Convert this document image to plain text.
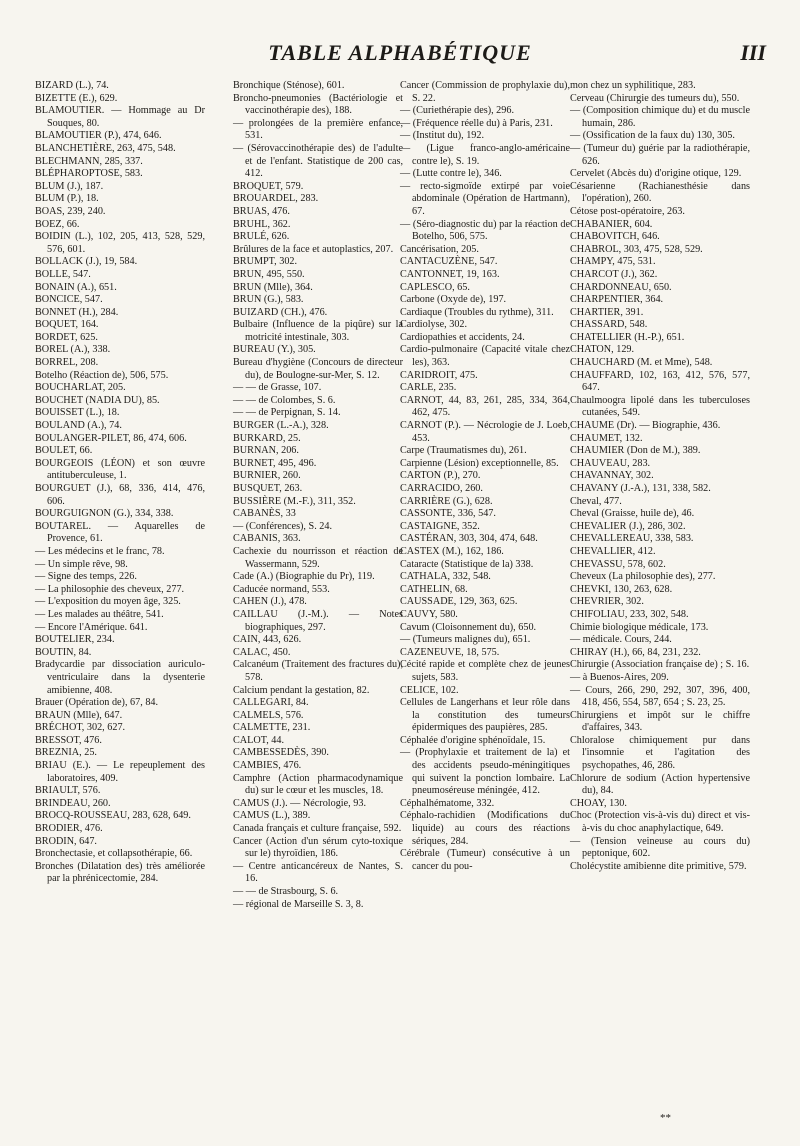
TABLE ALPHABÉTIQUE	III

BIZARD (L.), 74.

BIZETTE (E.), 629.

BLAMOUTIER. — Hommage au Dr Souques, 80.

BLAMOUTIER (P.), 474, 646.

BLANCHETIÈRE, 263, 475, 548.

BLECHMANN, 285, 337.

BLÉPHAROPTOSE, 583.

BLUM (J.), 187.

BLUM (P.), 18.

BOAS, 239, 240.

BOEZ, 66.

BOIDIN (L.), 102, 205, 413, 528, 529, 576, 601.

BOLLACK (J.), 19, 584.

BOLLE, 547.

BONAIN (A.), 651.

BONCICE, 547.

BONNET (H.), 284.

BOQUET, 164.

BORDET, 625.

BOREL (A.), 338.

BORREL, 208.

Botelho (Réaction de), 506, 575.

BOUCHARLAT, 205.

BOUCHET (NADIA DU), 85.

BOUISSET (L.), 18.

BOULAND (A.), 74.

BOULANGER-PILET, 86, 474, 606.

BOULET, 66.

BOURGEOIS (LÉON) et son œuvre antituberculeuse, 1.

BOURGUET (J.), 68, 336, 414, 476, 606.

BOURGUIGNON (G.), 334, 338.

BOUTAREL. — Aquarelles de Provence, 61.

— Les médecins et le franc, 78.

— Un simple rêve, 98.

— Signe des temps, 226.

— La philosophie des cheveux, 277.

— L'exposition du moyen âge, 325.

— Les malades au théâtre, 541.

— Encore l'Amérique. 641.

BOUTELIER, 234.

BOUTIN, 84.

Bradycardie par dissociation auriculo-ventriculaire dans la dysenterie amibienne, 408.

Brauer (Opération de), 67, 84.

BRAUN (Mlle), 647.

BRÉCHOT, 302, 627.

BRESSOT, 476.

BREZNIA, 25.

BRIAU (E.). — Le repeuplement des laboratoires, 409.

BRIAULT, 576.

BRINDEAU, 260.

BROCQ-ROUSSEAU, 283, 628, 649.

BRODIER, 476.

BRODIN, 647.

Bronchectasie, et collapsothérapie, 66.

Bronches (Dilatation des) très améliorée par la phrénicectomie, 284.

Bronchique (Sténose), 601.

Broncho-pneumonies (Bactériologie et vaccinothérapie des), 188.

— prolongées de la première enfance, 531.

— (Sérovaccinothérapie des) de l'adulte et de l'enfant. Statistique de 200 cas, 412.

BROQUET, 579.

BROUARDEL, 283.

BRUAS, 476.

BRUHL, 362.

BRULÉ, 626.

Brûlures de la face et autoplastics, 207.

BRUMPT, 302.

BRUN, 495, 550.

BRUN (Mlle), 364.

BRUN (G.), 583.

BUIZARD (CH.), 476.

Bulbaire (Influence de la piqûre) sur la motricité intestinale, 303.

BUREAU (Y.), 305.

Bureau d'hygiène (Concours de directeur du), de Boulogne-sur-Mer, S. 12.

— — de Grasse, 107.

— — de Colombes, S. 6.

— — de Perpignan, S. 14.

BURGER (L.-A.), 328.

BURKARD, 25.

BURNAN, 206.

BURNET, 495, 496.

BURNIER, 260.

BUSQUET, 263.

BUSSIÈRE (M.-F.), 311, 352.

CABANÈS, 33

— (Conférences), S. 24.

CABANIS, 363.

Cachexie du nourrisson et réaction de Wassermann, 529.

Cade (A.) (Biographie du Pr), 119.

Caducée normand, 553.

CAHEN (J.), 478.

CAILLAU (J.-M.). — Notes biographiques, 297.

CAIN, 443, 626.

CALAC, 450.

Calcanéum (Traitement des fractures du), 578.

Calcium pendant la gestation, 82.

CALLEGARI, 84.

CALMELS, 576.

CALMETTE, 231.

CALOT, 44.

CAMBESSEDÈS, 390.

CAMBIES, 476.

Camphre (Action pharmacodynamique du) sur le cœur et les muscles, 18.

CAMUS (J.). — Nécrologie, 93.

CAMUS (L.), 389.

Canada français et culture française, 592.

Cancer (Action d'un sérum cyto-toxique sur le) thyroïdien, 186.

— Centre anticancéreux de Nantes, S. 16.

— — de Strasbourg, S. 6.

— régional de Marseille S. 3, 8.

Cancer (Commission de prophylaxie du), S. 22.

— (Curiethérapie des), 296.

— (Fréquence réelle du) à Paris, 231.

— (Institut du), 192.

— (Ligue franco-anglo-américaine contre le), S. 19.

— (Lutte contre le), 346.

— recto-sigmoïde extirpé par voie abdominale (Opération de Hartmann), 67.

— (Séro-diagnostic du) par la réaction de Botelho, 506, 575.

Cancérisation, 205.

CANTACUZÈNE, 547.

CANTONNET, 19, 163.

CAPLESCO, 65.

Carbone (Oxyde de), 197.

Cardiaque (Troubles du rythme), 311.

Cardiolyse, 302.

Cardiopathies et accidents, 24.

Cardio-pulmonaire (Capacité vitale chez les), 363.

CARIDROIT, 475.

CARLE, 235.

CARNOT, 44, 83, 261, 285, 334, 364, 462, 475.

CARNOT (P.). — Nécrologie de J. Loeb, 453.

Carpe (Traumatismes du), 261.

Carpienne (Lésion) exceptionnelle, 85.

CARTON (P.), 270.

CARRACIDO, 260.

CARRIÈRE (G.), 628.

CASSONTE, 336, 547.

CASTAIGNE, 352.

CASTÉRAN, 303, 304, 474, 648.

CASTEX (M.), 162, 186.

Cataracte (Statistique de la) 338.

CATHALA, 332, 548.

CATHELIN, 68.

CAUSSADE, 129, 363, 625.

CAUVY, 580.

Cavum (Cloisonnement du), 650.

— (Tumeurs malignes du), 651.

CAZENEUVE, 18, 575.

Cécité rapide et complète chez de jeunes sujets, 583.

CELICE, 102.

Cellules de Langerhans et leur rôle dans la constitution des tumeurs épidermiques des paupières, 285.

Céphalée d'origine sphénoïdale, 15.

— (Prophylaxie et traitement de la) et des accidents pseudo-méningitiques qui suivent la ponction lombaire. La pneumoséreuse méningée, 412.

Céphalhématome, 332.

Céphalo-rachidien (Modifications du liquide) au cours des réactions sériques, 284.

Cérébrale (Tumeur) consécutive à un cancer du pou-

mon chez un syphilitique, 283.

Cerveau (Chirurgie des tumeurs du), 550.

— (Composition chimique du) et du muscle humain, 286.

— (Ossification de la faux du) 130, 305.

— (Tumeur du) guérie par la radiothérapie, 626.

Cervelet (Abcès du) d'origine otique, 129.

Césarienne (Rachianesthésie dans l'opération), 260.

Cétose post-opératoire, 263.

CHABANIER, 604.

CHABOVITCH, 646.

CHABROL, 303, 475, 528, 529.

CHAMPY, 475, 531.

CHARCOT (J.), 362.

CHARDONNEAU, 650.

CHARPENTIER, 364.

CHARTIER, 391.

CHASSARD, 548.

CHATELLIER (H.-P.), 651.

CHATON, 129.

CHAUCHARD (M. et Mme), 548.

CHAUFFARD, 102, 163, 412, 576, 577, 647.

Chaulmoogra lipolé dans les tuberculoses cutanées, 549.

CHAUME (Dr). — Biographie, 436.

CHAUMET, 132.

CHAUMIER (Don de M.), 389.

CHAUVEAU, 283.

CHAVANNAY, 302.

CHAVANY (J.-A.), 131, 338, 582.

Cheval, 477.

Cheval (Graisse, huile de), 46.

CHEVALIER (J.), 286, 302.

CHEVALLEREAU, 338, 583.

CHEVALLIER, 412.

CHEVASSU, 578, 602.

Cheveux (La philosophie des), 277.

CHEVKI, 130, 263, 628.

CHEVRIER, 302.

CHIFOLIAU, 233, 302, 548.

Chimie biologique médicale, 173.

— médicale. Cours, 244.

CHIRAY (H.), 66, 84, 231, 232.

Chirurgie (Association française de) ; S. 16.

— à Buenos-Aires, 209.

— Cours, 266, 290, 292, 307, 396, 400, 418, 456, 554, 587, 654 ; S. 23, 25.

Chirurgiens et impôt sur le chiffre d'affaires, 343.

Chloralose chimiquement pur dans l'insomnie et l'agitation des psychopathes, 46, 286.

Chlorure de sodium (Action hypertensive du), 84.

CHOAY, 130.

Choc (Protection vis-à-vis du) direct et vis-à-vis du choc anaphylactique, 649.

— (Tension veineuse au cours du) peptonique, 602.

Cholécystite amibienne dite primitive, 579.

**
